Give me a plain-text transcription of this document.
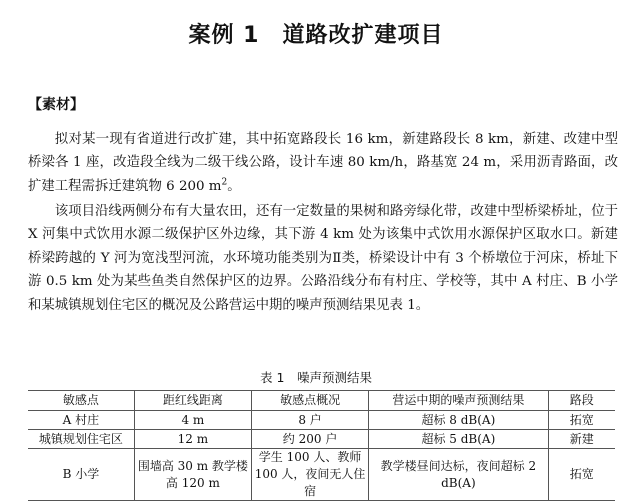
案例 1　道路改扩建项目
【素材】

拟对某一现有省道进行改扩建，其中拓宽路段长 16 km，新建路段长 8 km，新建、改建中型桥梁各 1 座，改造段全线为二级干线公路，设计车速 80 km/h，路基宽 24 m，采用沥青路面，改扩建工程需拆迁建筑物 6 200 $m^2$。

该项目沿线两侧分布有大量农田，还有一定数量的果树和路旁绿化带，改建中型桥梁桥址，位于 X 河集中式饮用水源二级保护区外边缘，其下游 4 km 处为该集中式饮用水源保护区取水口。新建桥梁跨越的 Y 河为宽浅型河流，水环境功能类别为Ⅱ类，桥梁设计中有 3 个桥墩位于河床，桥址下游 0.5 km 处为某些鱼类自然保护区的边界。公路沿线分布有村庄、学校等，其中 A 村庄、B 小学和某城镇规划住宅区的概况及公路营运中期的噪声预测结果见表 1。

表 1　噪声预测结果
敏感点	距红线距离	敏感点概况	营运中期的噪声预测结果	路段
A 村庄	4 m	8 户	超标 8 dB(A)	拓宽
城镇规划住宅区	12 m	约 200 户	超标 5 dB(A)	新建
B 小学	围墙高 30 m 教学楼高 120 m	学生 100 人、教师 100 人，夜间无人住宿	教学楼昼间达标，夜间超标 2 dB(A)	拓宽
